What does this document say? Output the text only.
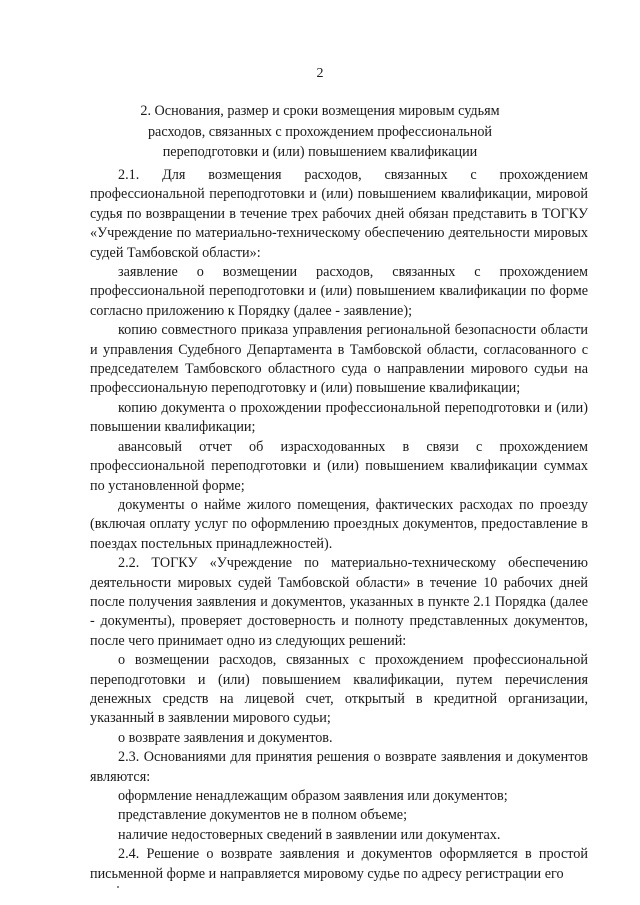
2
2. Основания, размер и сроки возмещения мировым судьям
расходов, связанных с прохождением профессиональной
переподготовки и (или) повышением квалификации

2.1. Для возмещения расходов, связанных с прохождением профессиональной переподготовки и (или) повышением квалификации, мировой судья по возвращении в течение трех рабочих дней обязан представить в ТОГКУ «Учреждение по материально-техническому обеспечению деятельности мировых судей Тамбовской области»:

заявление о возмещении расходов, связанных с прохождением профессиональной переподготовки и (или) повышением квалификации по форме согласно приложению к Порядку (далее - заявление);

копию совместного приказа управления региональной безопасности области и управления Судебного Департамента в Тамбовской области, согласованного с председателем Тамбовского областного суда о направлении мирового судьи на профессиональную переподготовку и (или) повышение квалификации;

копию документа о прохождении профессиональной переподготовки и (или) повышении квалификации;

авансовый отчет об израсходованных в связи с прохождением профессиональной переподготовки и (или) повышением квалификации суммах по установленной форме;

документы о найме жилого помещения, фактических расходах по проезду (включая оплату услуг по оформлению проездных документов, предоставление в поездах постельных принадлежностей).

2.2. ТОГКУ «Учреждение по материально-техническому обеспечению деятельности мировых судей Тамбовской области» в течение 10 рабочих дней после получения заявления и документов, указанных в пункте 2.1 Порядка (далее - документы), проверяет достоверность и полноту представленных документов, после чего принимает одно из следующих решений:

о возмещении расходов, связанных с прохождением профессиональной переподготовки и (или) повышением квалификации, путем перечисления денежных средств на лицевой счет, открытый в кредитной организации, указанный в заявлении мирового судьи;

о возврате заявления и документов.

2.3. Основаниями для принятия решения о возврате заявления и документов являются:

оформление ненадлежащим образом заявления или документов;

представление документов не в полном объеме;

наличие недостоверных сведений в заявлении или документах.

2.4. Решение о возврате заявления и документов оформляется в простой письменной форме и направляется мировому судье по адресу регистрации его
